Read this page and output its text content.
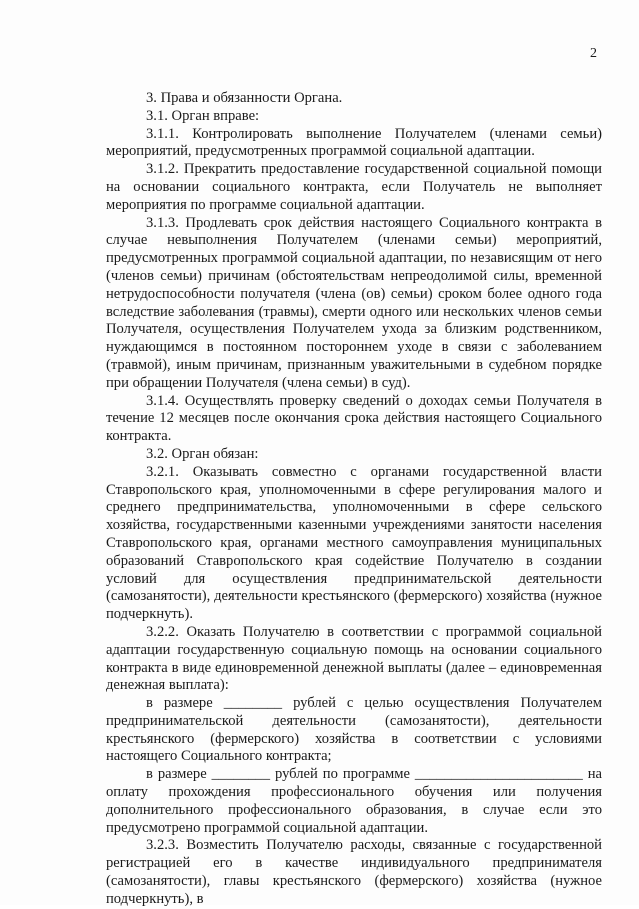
2

3. Права и обязанности Органа.

3.1. Орган вправе:

3.1.1. Контролировать выполнение Получателем (членами семьи) мероприятий, предусмотренных программой социальной адаптации.

3.1.2. Прекратить предоставление государственной социальной помощи на основании социального контракта, если Получатель не выполняет мероприятия по программе социальной адаптации.

3.1.3. Продлевать срок действия настоящего Социального контракта в случае невыполнения Получателем (членами семьи) мероприятий, предусмотренных программой социальной адаптации, по независящим от него (членов семьи) причинам (обстоятельствам непреодолимой силы, временной нетрудоспособности получателя (члена (ов) семьи) сроком более одного года вследствие заболевания (травмы), смерти одного или нескольких членов семьи Получателя, осуществления Получателем ухода за близким родственником, нуждающимся в постоянном постороннем уходе в связи с заболеванием (травмой), иным причинам, признанным уважительными в судебном порядке при обращении Получателя (члена семьи) в суд).

3.1.4. Осуществлять проверку сведений о доходах семьи Получателя в течение 12 месяцев после окончания срока действия настоящего Социального контракта.

3.2. Орган обязан:

3.2.1. Оказывать совместно с органами государственной власти Ставропольского края, уполномоченными в сфере регулирования малого и среднего предпринимательства, уполномоченными в сфере сельского хозяйства, государственными казенными учреждениями занятости населения Ставропольского края, органами местного самоуправления муниципальных образований Ставропольского края содействие Получателю в создании условий для осуществления предпринимательской деятельности (самозанятости), деятельности крестьянского (фермерского) хозяйства (нужное подчеркнуть).

3.2.2. Оказать Получателю в соответствии с программой социальной адаптации государственную социальную помощь на основании социального контракта в виде единовременной денежной выплаты (далее – единовременная денежная выплата):

в размере ________ рублей с целью осуществления Получателем предпринимательской деятельности (самозанятости), деятельности крестьянского (фермерского) хозяйства в соответствии с условиями настоящего Социального контракта;

в размере ________ рублей по программе _______________________ на оплату прохождения профессионального обучения или получения дополнительного профессионального образования, в случае если это предусмотрено программой социальной адаптации.

3.2.3. Возместить Получателю расходы, связанные с государственной регистрацией его в качестве индивидуального предпринимателя (самозанятости), главы крестьянского (фермерского) хозяйства (нужное подчеркнуть), в
